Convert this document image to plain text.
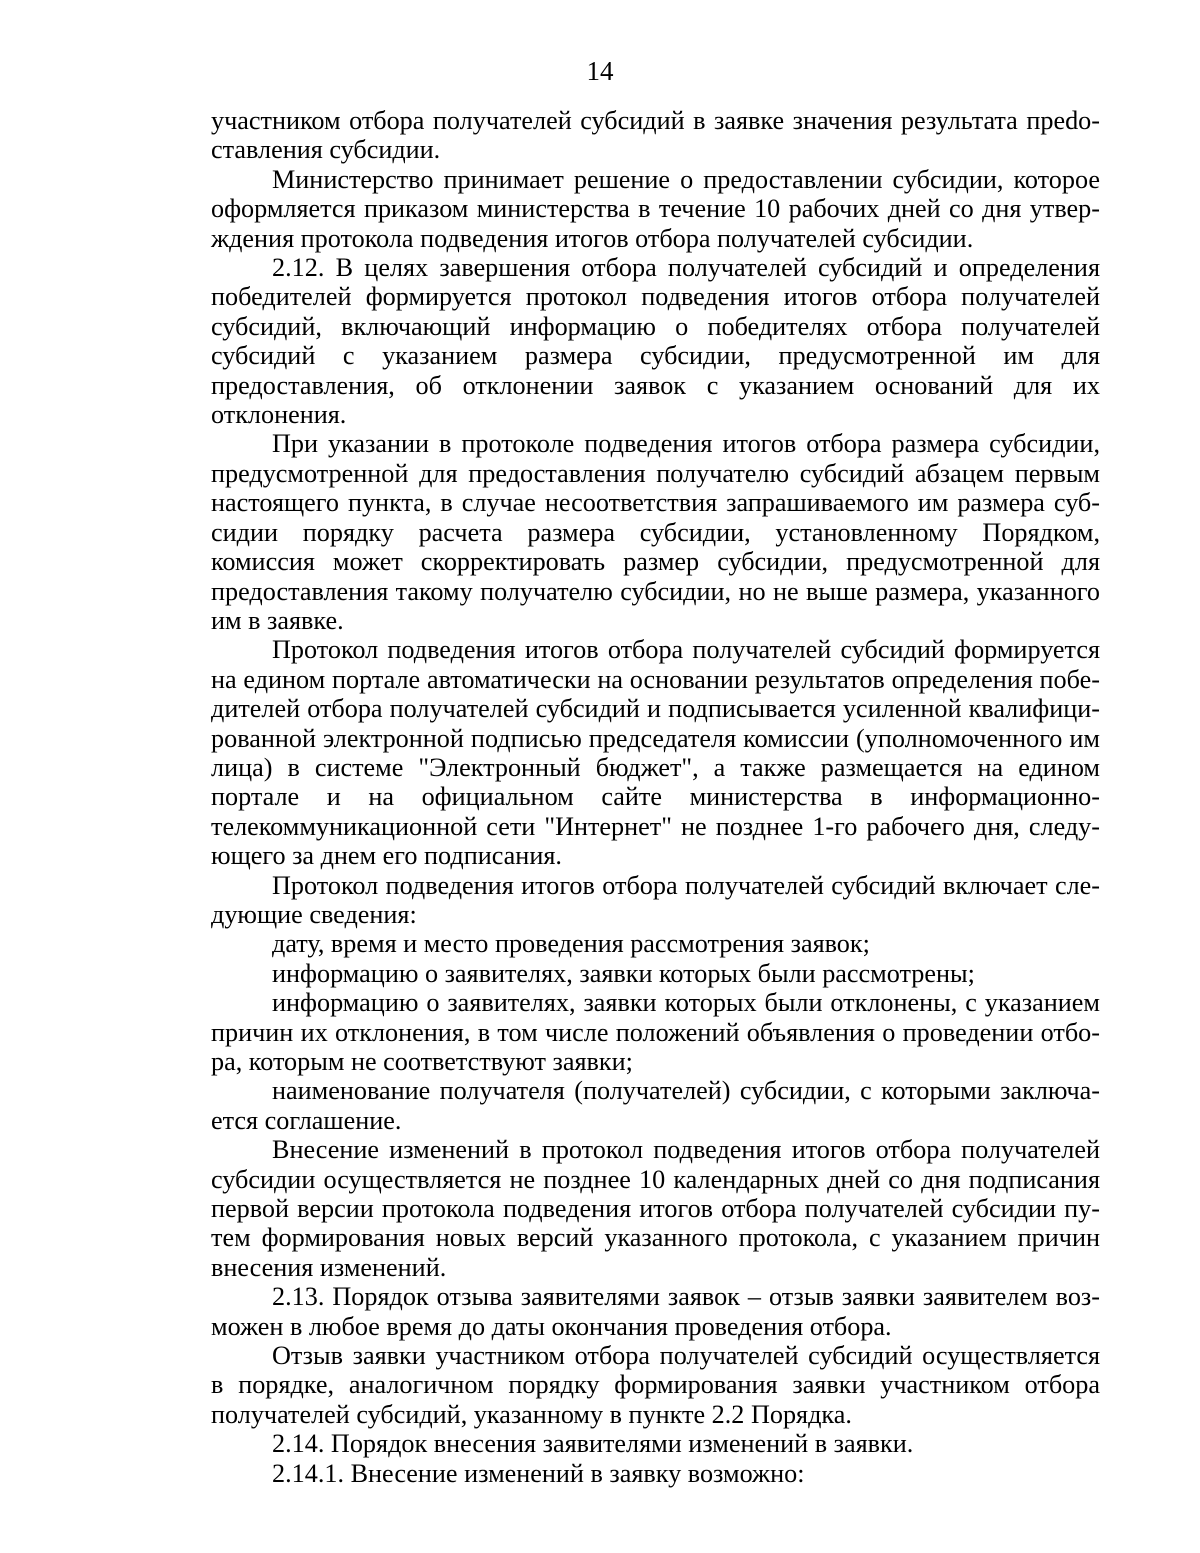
14

участником отбора получателей субсидий в заявке значения результата преdоставления субсидии.

Министерство принимает решение о предоставлении субсидии, которое оформляется приказом министерства в течение 10 рабочих дней со дня утверждения протокола подведения итогов отбора получателей субсидии.

2.12. В целях завершения отбора получателей субсидий и определения победителей формируется протокол подведения итогов отбора получателей субсидий, включающий информацию о победителях отбора получателей субсидий с указанием размера субсидии, предусмотренной им для предоставления, об отклонении заявок с указанием оснований для их отклонения.

При указании в протоколе подведения итогов отбора размера субсидии, предусмотренной для предоставления получателю субсидий абзацем первым настоящего пункта, в случае несоответствия запрашиваемого им размера субсидии порядку расчета размера субсидии, установленному Порядком, комиссия может скорректировать размер субсидии, предусмотренной для предоставления такому получателю субсидии, но не выше размера, указанного им в заявке.

Протокол подведения итогов отбора получателей субсидий формируется на едином портале автоматически на основании результатов определения победителей отбора получателей субсидий и подписывается усиленной квалифицированной электронной подписью председателя комиссии (уполномоченного им лица) в системе "Электронный бюджет", а также размещается на едином портале и на официальном сайте министерства в информационно-телекоммуникационной сети "Интернет" не позднее 1-го рабочего дня, следующего за днем его подписания.

Протокол подведения итогов отбора получателей субсидий включает следующие сведения:

дату, время и место проведения рассмотрения заявок;

информацию о заявителях, заявки которых были рассмотрены;

информацию о заявителях, заявки которых были отклонены, с указанием причин их отклонения, в том числе положений объявления о проведении отбора, которым не соответствуют заявки;

наименование получателя (получателей) субсидии, с которыми заключается соглашение.

Внесение изменений в протокол подведения итогов отбора получателей субсидии осуществляется не позднее 10 календарных дней со дня подписания первой версии протокола подведения итогов отбора получателей субсидии путем формирования новых версий указанного протокола, с указанием причин внесения изменений.

2.13. Порядок отзыва заявителями заявок – отзыв заявки заявителем возможен в любое время до даты окончания проведения отбора.

Отзыв заявки участником отбора получателей субсидий осуществляется в порядке, аналогичном порядку формирования заявки участником отбора получателей субсидий, указанному в пункте 2.2 Порядка.

2.14. Порядок внесения заявителями изменений в заявки.

2.14.1. Внесение изменений в заявку возможно:
